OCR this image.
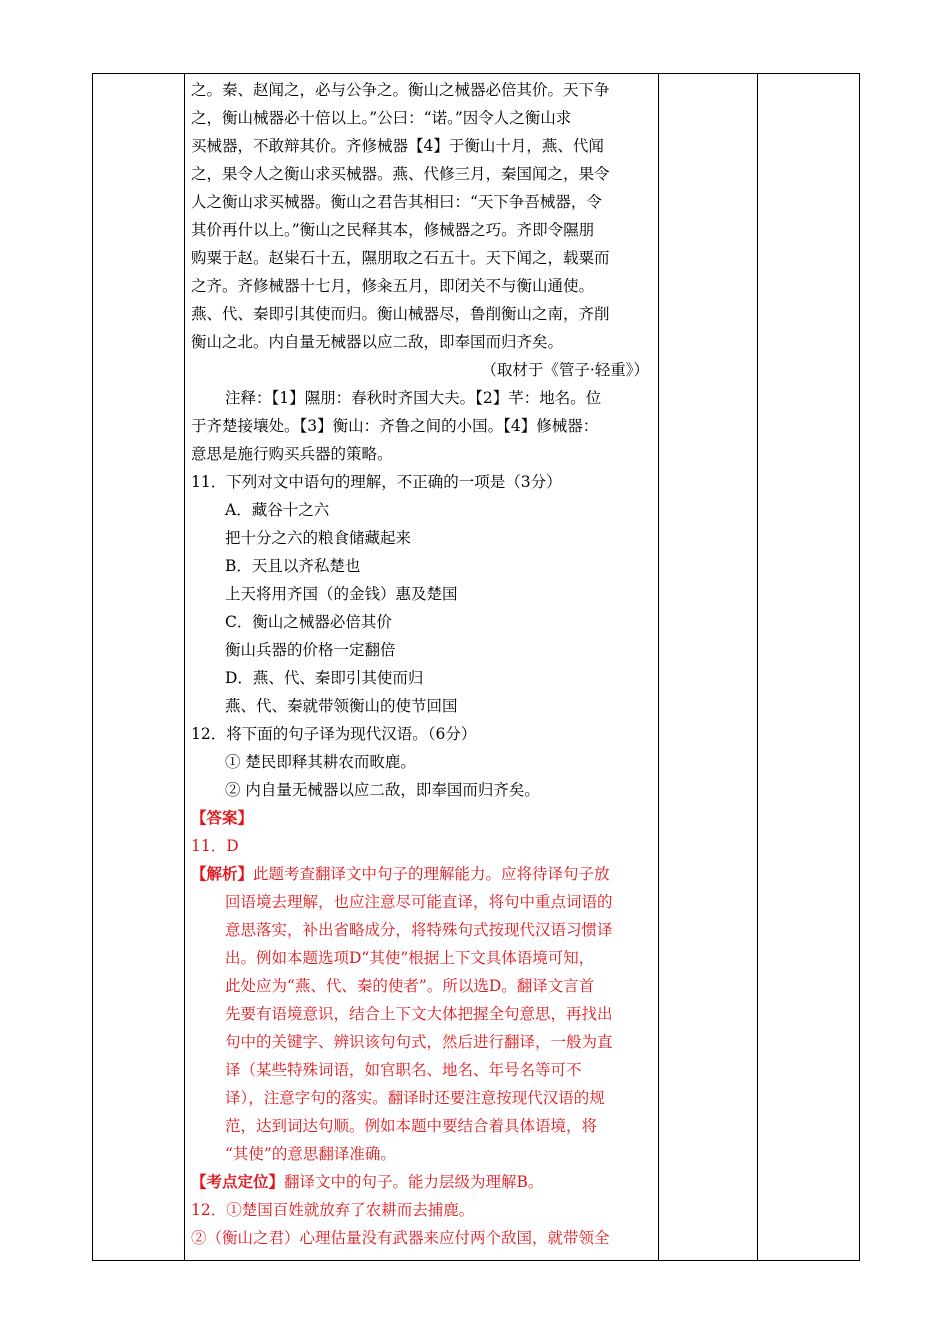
之。秦、赵闻之，必与公争之。衡山之械器必倍其价。天下争
之，衡山械器必十倍以上。”公曰：“诺。”因令人之衡山求
买械器，不敢辩其价。齐修械器【4】于衡山十月，燕、代闻
之，果令人之衡山求买械器。燕、代修三月，秦国闻之，果令
人之衡山求买械器。衡山之君告其相曰：“天下争吾械器，令
其价再什以上。”衡山之民释其本，修械器之巧。齐即令隰朋
购粟于赵。赵粜石十五，隰朋取之石五十。天下闻之，载粟而
之齐。齐修械器十七月，修籴五月，即闭关不与衡山通使。
燕、代、秦即引其使而归。衡山械器尽，鲁削衡山之南，齐削
衡山之北。内自量无械器以应二敌，即奉国而归齐矣。
（取材于《管子·轻重》）
注释：【1】隰朋：春秋时齐国大夫。【2】芊：地名。位
于齐楚接壤处。【3】衡山：齐鲁之间的小国。【4】修械器：
意思是施行购买兵器的策略。
11．下列对文中语句的理解，不正确的一项是（3分）
A．藏谷十之六
把十分之六的粮食储藏起来
B．天且以齐私楚也
上天将用齐国（的金钱）惠及楚国
C．衡山之械器必倍其价
衡山兵器的价格一定翻倍
D．燕、代、秦即引其使而归
燕、代、秦就带领衡山的使节回国
12．将下面的句子译为现代汉语。（6分）
① 楚民即释其耕农而畋鹿。
② 内自量无械器以应二敌，即奉国而归齐矣。
【答案】
11．D
【解析】此题考查翻译文中句子的理解能力。应将待译句子放
回语境去理解，也应注意尽可能直译，将句中重点词语的
意思落实，补出省略成分，将特殊句式按现代汉语习惯译
出。例如本题选项D“其使”根据上下文具体语境可知，
此处应为“燕、代、秦的使者”。所以选D。翻译文言首
先要有语境意识，结合上下文大体把握全句意思，再找出
句中的关键字、辨识该句句式，然后进行翻译，一般为直
译（某些特殊词语，如官职名、地名、年号名等可不
译），注意字句的落实。翻译时还要注意按现代汉语的规
范，达到词达句顺。例如本题中要结合着具体语境，将
“其使”的意思翻译准确。
【考点定位】翻译文中的句子。能力层级为理解B。
12．①楚国百姓就放弃了农耕而去捕鹿。
②（衡山之君）心理估量没有武器来应付两个敌国，就带领全
